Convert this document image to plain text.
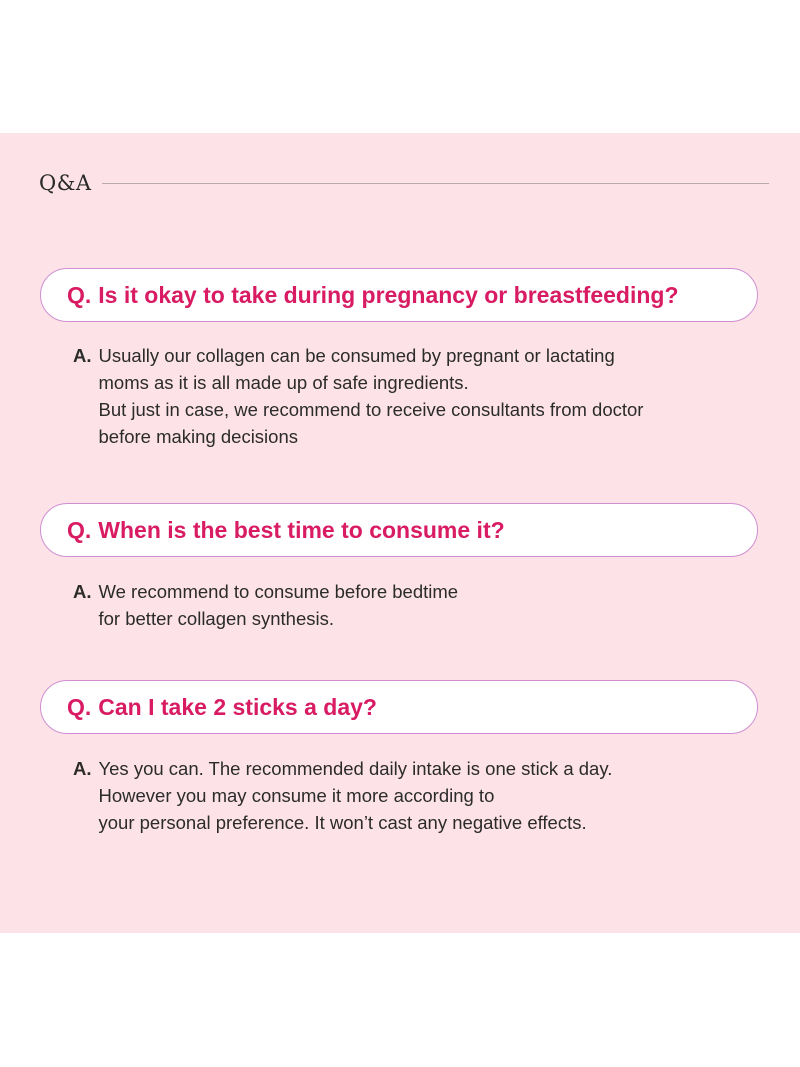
Q&A
Q. Is it okay to take during pregnancy or breastfeeding?
A. Usually our collagen can be consumed by pregnant or lactating
moms as it is all made up of safe ingredients.
But just in case, we recommend to receive consultants from doctor
before making decisions
Q. When is the best time to consume it?
A. We recommend to consume before bedtime
for better collagen synthesis.
Q. Can I take 2 sticks a day?
A. Yes you can. The recommended daily intake is one stick a day.
However you may consume it more according to
your personal preference. It won’t cast any negative effects.
